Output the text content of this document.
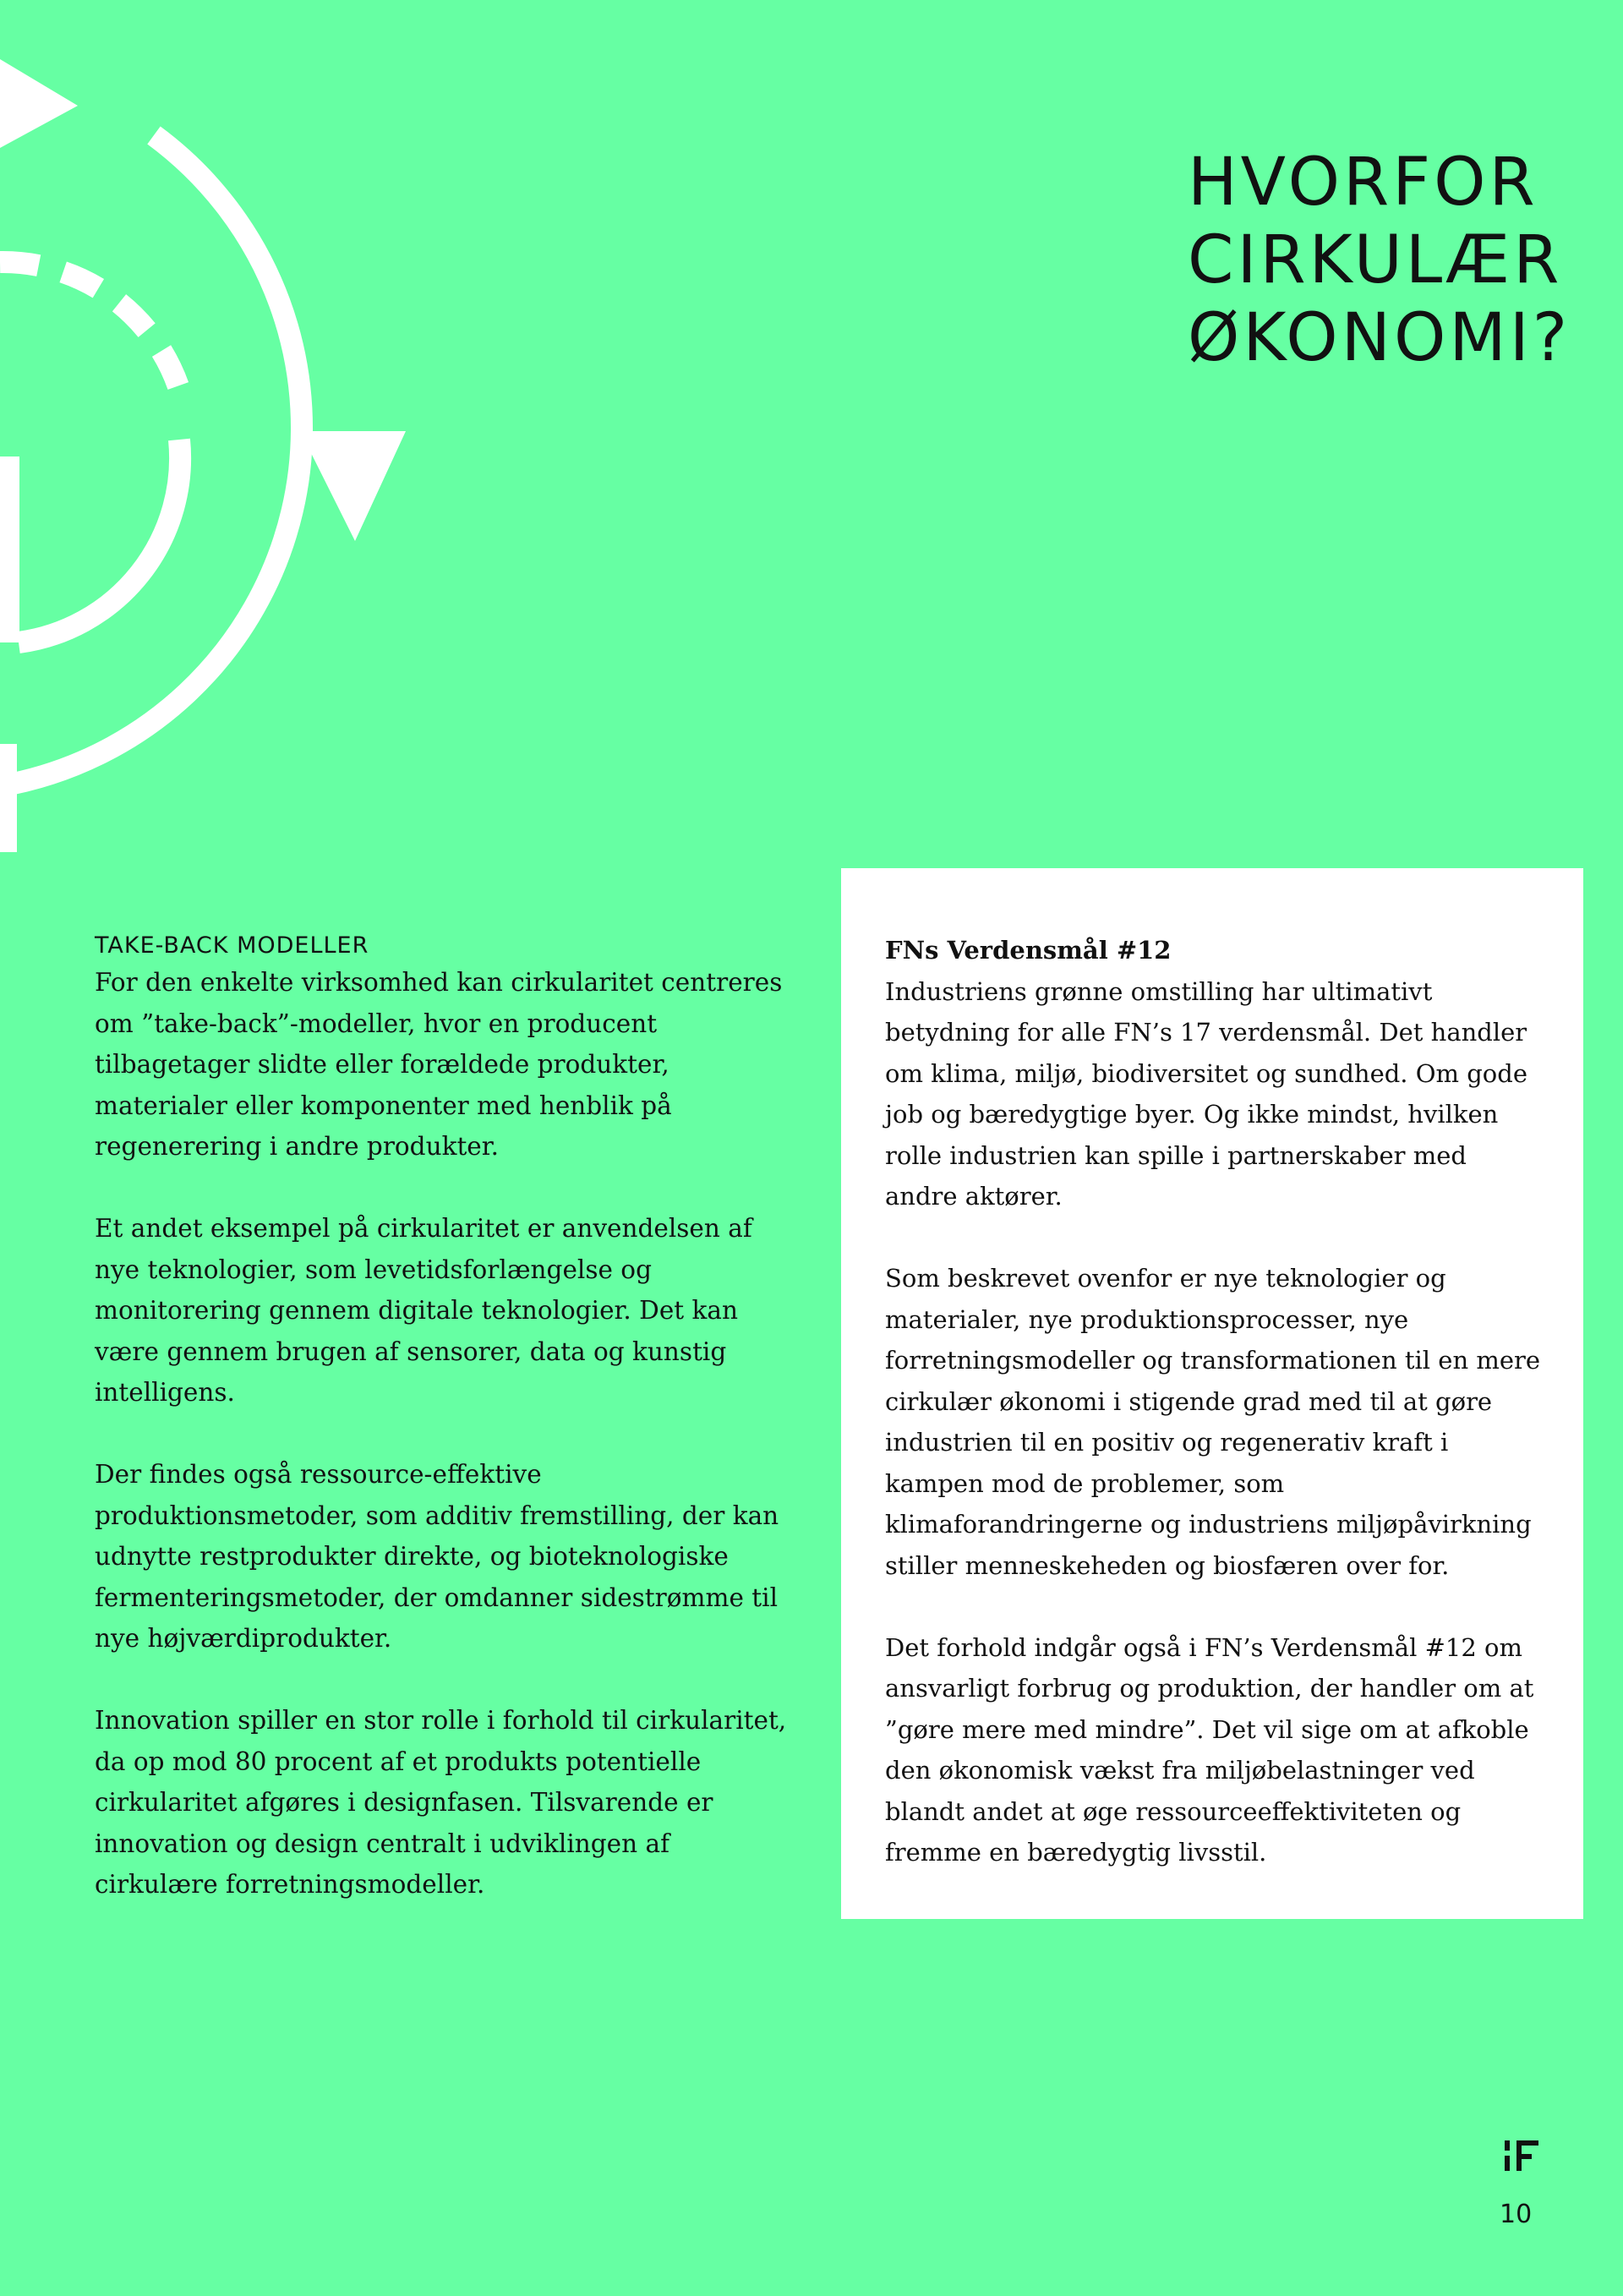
HVORFOR
CIRKULÆR
ØKONOMI?
TAKE-BACK MODELLER

For den enkelte virksomhed kan cirkularitet centreres om ”take-back”-modeller, hvor en producent tilbagetager slidte eller forældede produkter, materialer eller komponenter med henblik på regenerering i andre produkter.

Et andet eksempel på cirkularitet er anvendelsen af nye teknologier, som levetidsforlængelse og monitorering gennem digitale teknologier. Det kan være gennem brugen af sensorer, data og kunstig intelligens.

Der findes også ressource-effektive produktionsmetoder, som additiv fremstilling, der kan udnytte restprodukter direkte, og bioteknologiske fermenteringsmetoder, der omdanner sidestrømme til nye højværdiprodukter.

Innovation spiller en stor rolle i forhold til cirkularitet, da op mod 80 procent af et produkts potentielle cirkularitet afgøres i designfasen. Tilsvarende er innovation og design centralt i udviklingen af cirkulære forretningsmodeller.

FNs Verdensmål #12

Industriens grønne omstilling har ultimativt betydning for alle FN’s 17 verdensmål. Det handler om klima, miljø, biodiversitet og sundhed. Om gode job og bæredygtige byer. Og ikke mindst, hvilken rolle industrien kan spille i partnerskaber med andre aktører.

Som beskrevet ovenfor er nye teknologier og materialer, nye produktionsprocesser, nye forretningsmodeller og transformationen til en mere cirkulær økonomi i stigende grad med til at gøre industrien til en positiv og regenerativ kraft i kampen mod de problemer, som klimaforandringerne og industriens miljøpåvirkning stiller menneskeheden og biosfæren over for.

Det forhold indgår også i FN’s Verdensmål #12 om ansvarligt forbrug og produktion, der handler om at ”gøre mere med mindre”. Det vil sige om at afkoble den økonomisk vækst fra miljøbelastninger ved blandt andet at øge ressourceeffektiviteten og fremme en bæredygtig livsstil.

10
